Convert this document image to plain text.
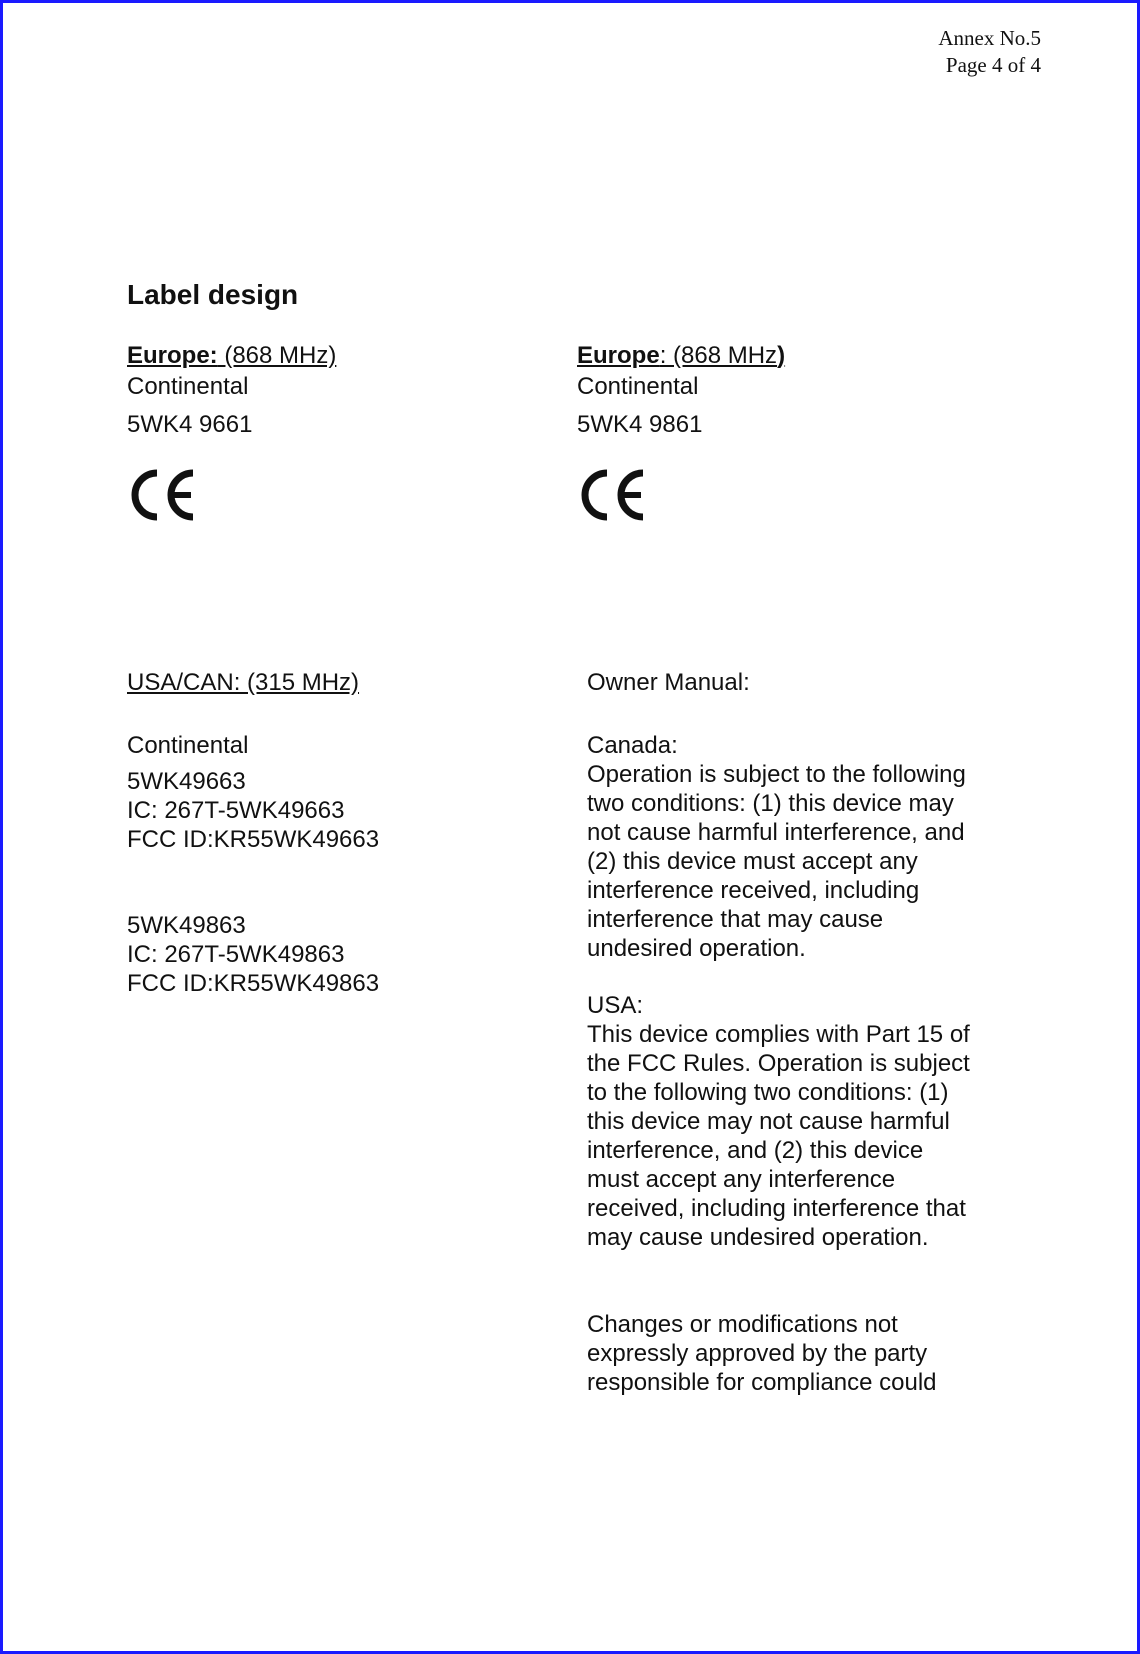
Annex No.5
Page 4 of 4
Label design
Europe: (868 MHz)
Continental
5WK4 9661
Europe: (868 MHz)
Continental
5WK4 9861
USA/CAN: (315 MHz)
Continental
5WK49663
IC: 267T-5WK49663
FCC ID:KR55WK49663
5WK49863
IC: 267T-5WK49863
FCC ID:KR55WK49863
Owner Manual:
Canada:
Operation is subject to the following
two conditions: (1) this device may
not cause harmful interference, and
(2) this device must accept any
interference received, including
interference that may cause
undesired operation.
USA:
This device complies with Part 15 of
the FCC Rules. Operation is subject
to the following two conditions: (1)
this device may not cause harmful
interference, and (2) this device
must accept any interference
received, including interference that
may cause undesired operation.
Changes or modifications not
expressly approved by the party
responsible for compliance could
